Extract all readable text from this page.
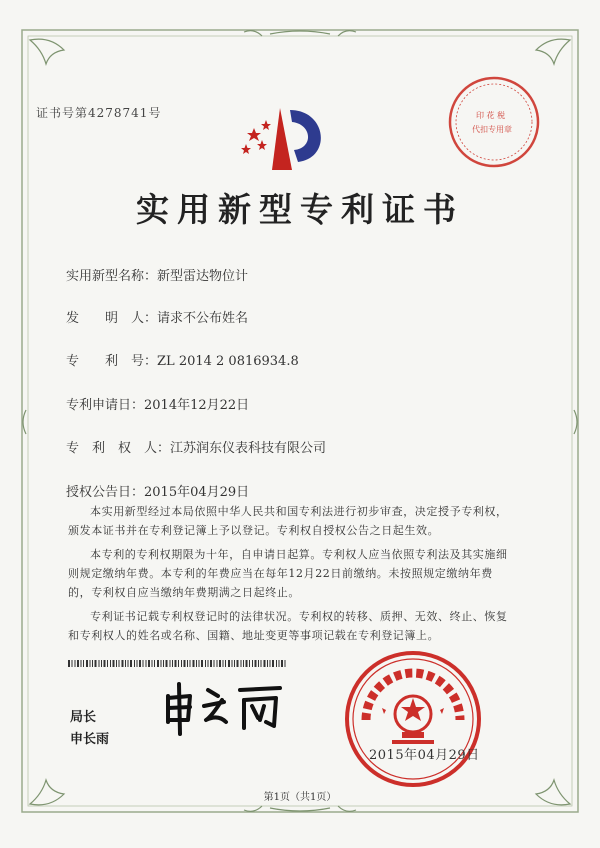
证书号第4278741号
实用新型专利证书
实用新型名称：新型雷达物位计
发　　明　人：请求不公布姓名
专　　利　号：ZL 2014 2 0816934.8
专利申请日：2014年12月22日
专　利　权　人：江苏润东仪表科技有限公司
授权公告日：2015年04月29日

本实用新型经过本局依照中华人民共和国专利法进行初步审查，决定授予专利权，颁发本证书并在专利登记簿上予以登记。专利权自授权公告之日起生效。

本专利的专利权期限为十年，自申请日起算。专利权人应当依照专利法及其实施细则规定缴纳年费。本专利的年费应当在每年12月22日前缴纳。未按照规定缴纳年费的，专利权自应当缴纳年费期满之日起终止。

专利证书记载专利权登记时的法律状况。专利权的转移、质押、无效、终止、恢复和专利权人的姓名或名称、国籍、地址变更等事项记载在专利登记簿上。

局长
申长雨
印 花 税
代扣专用章
2015年04月29日
第1页（共1页）
